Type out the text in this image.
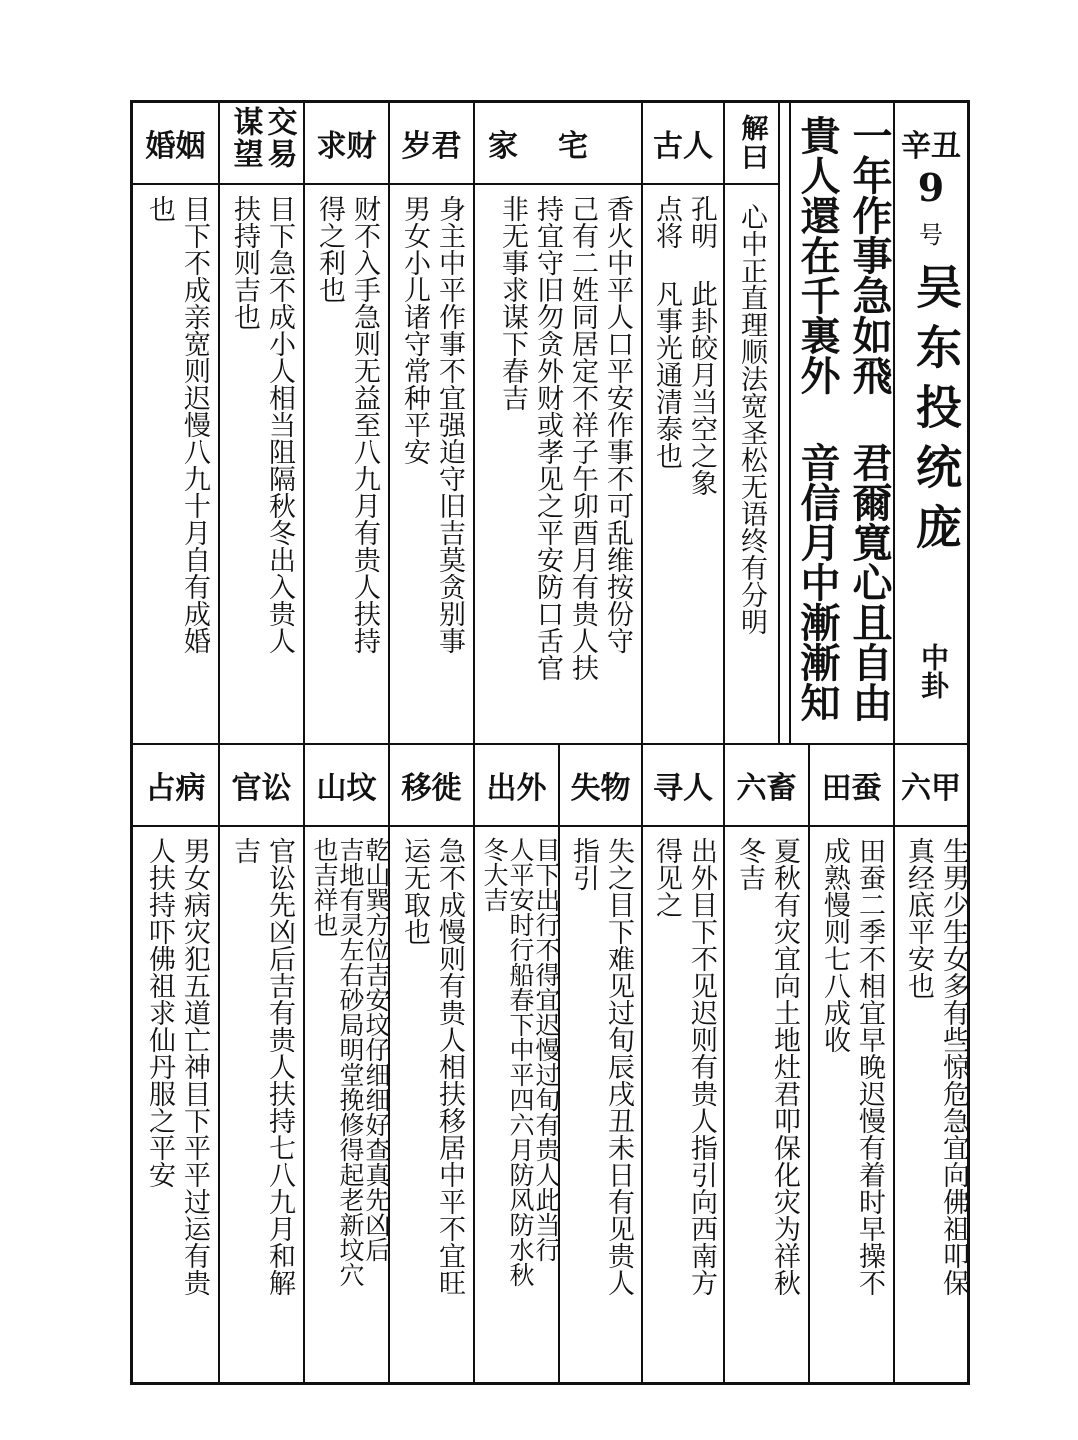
辛丑
9
号
吴东投统庞
中卦
一年作事急如飛 君爾寬心且自由
貴人還在千裏外 音信月中漸漸知
解曰
心中正直理顺法宽圣松无语终有分明
古人
孔明 此卦皎月当空之象
点将 凡事光通清泰也
家宅
香火中平人口平安作事不可乱维按份守
己有二姓同居定不祥子午卯酉月有贵人扶
持宜守旧勿贪外财或孝见之平安防口舌官
非无事求谋下春吉
岁君
身主中平作事不宜强迫守旧吉莫贪别事
男女小儿诸守常种平安
求财
财不入手急则无益至八九月有贵人扶持
得之利也
交易谋望
目下急不成小人相当阻隔秋冬出入贵人
扶持则吉也
婚姻
目下不成亲宽则迟慢八九十月自有成婚
也
六甲
生男少生女多有些惊危急宜向佛祖叩保
真经底平安也
田蚕
田蚕二季不相宜早晚迟慢有着时早操不
成熟慢则七八成收
六畜
夏秋有灾宜向土地灶君叩保化灾为祥秋
冬吉
寻人
出外目下不见迟则有贵人指引向西南方
得见之
失物
失之目下难见过旬辰戌丑未日有见贵人
指引
出外
目下出行不得宜迟慢过旬有贵人此当行
人平安时行船春下中平四六月防风防水秋
冬大吉
移徙
急不成慢则有贵人相扶移居中平不宜旺
运无取也
山坟
乾山巽方位吉安坟仔细细好查真先凶后
吉地有灵左右砂局明堂挽修得起老新坟穴
也吉祥也
官讼
官讼先凶后吉有贵人扶持七八九月和解
吉
占病
男女病灾犯五道亡神目下平平过运有贵
人扶持吓佛祖求仙丹服之平安
